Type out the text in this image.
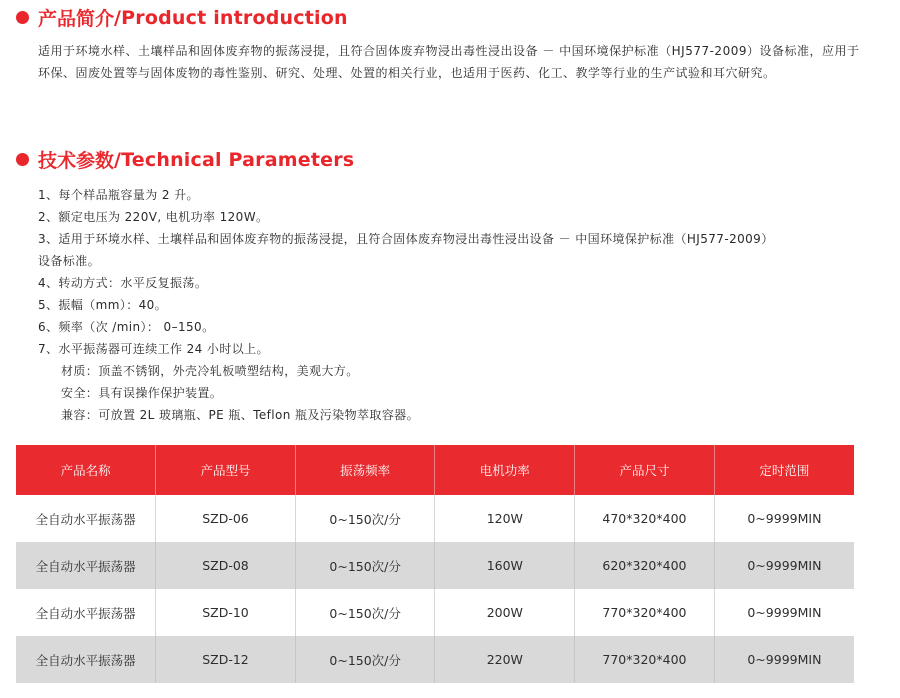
产品简介 /Product introduction
适用于环境水样、土壤样品和固体废弃物的振荡浸提，且符合固体废弃物浸出毒性浸出设备 － 中国环境保护标准（HJ577-2009）设备标准，应用于环保、固废处置等与固体废物的毒性鉴别、研究、处理、处置的相关行业，也适用于医药、化工、教学等行业的生产试验和耳穴研究。
技术参数 /Technical Parameters
1、每个样品瓶容量为 2 升。
2、额定电压为 220V, 电机功率 120W。
3、适用于环境水样、土壤样品和固体废弃物的振荡浸提，且符合固体废弃物浸出毒性浸出设备 － 中国环境保护标准（HJ577-2009）
设备标准。
4、转动方式：水平反复振荡。
5、振幅（mm）：40。
6、频率（次 /min）： 0–150。
7、水平振荡器可连续工作 24 小时以上。
材质：顶盖不锈钢，外壳冷轧板喷塑结构，美观大方。
安全：具有误操作保护装置。
兼容：可放置 2L 玻璃瓶、PE 瓶、Teflon 瓶及污染物萃取容器。
产品名称	产品型号	振荡频率	电机功率	产品尺寸	定时范围
全自动水平振荡器	SZD-06	0~150次/分	120W	470*320*400	0~9999MIN
全自动水平振荡器	SZD-08	0~150次/分	160W	620*320*400	0~9999MIN
全自动水平振荡器	SZD-10	0~150次/分	200W	770*320*400	0~9999MIN
全自动水平振荡器	SZD-12	0~150次/分	220W	770*320*400	0~9999MIN
